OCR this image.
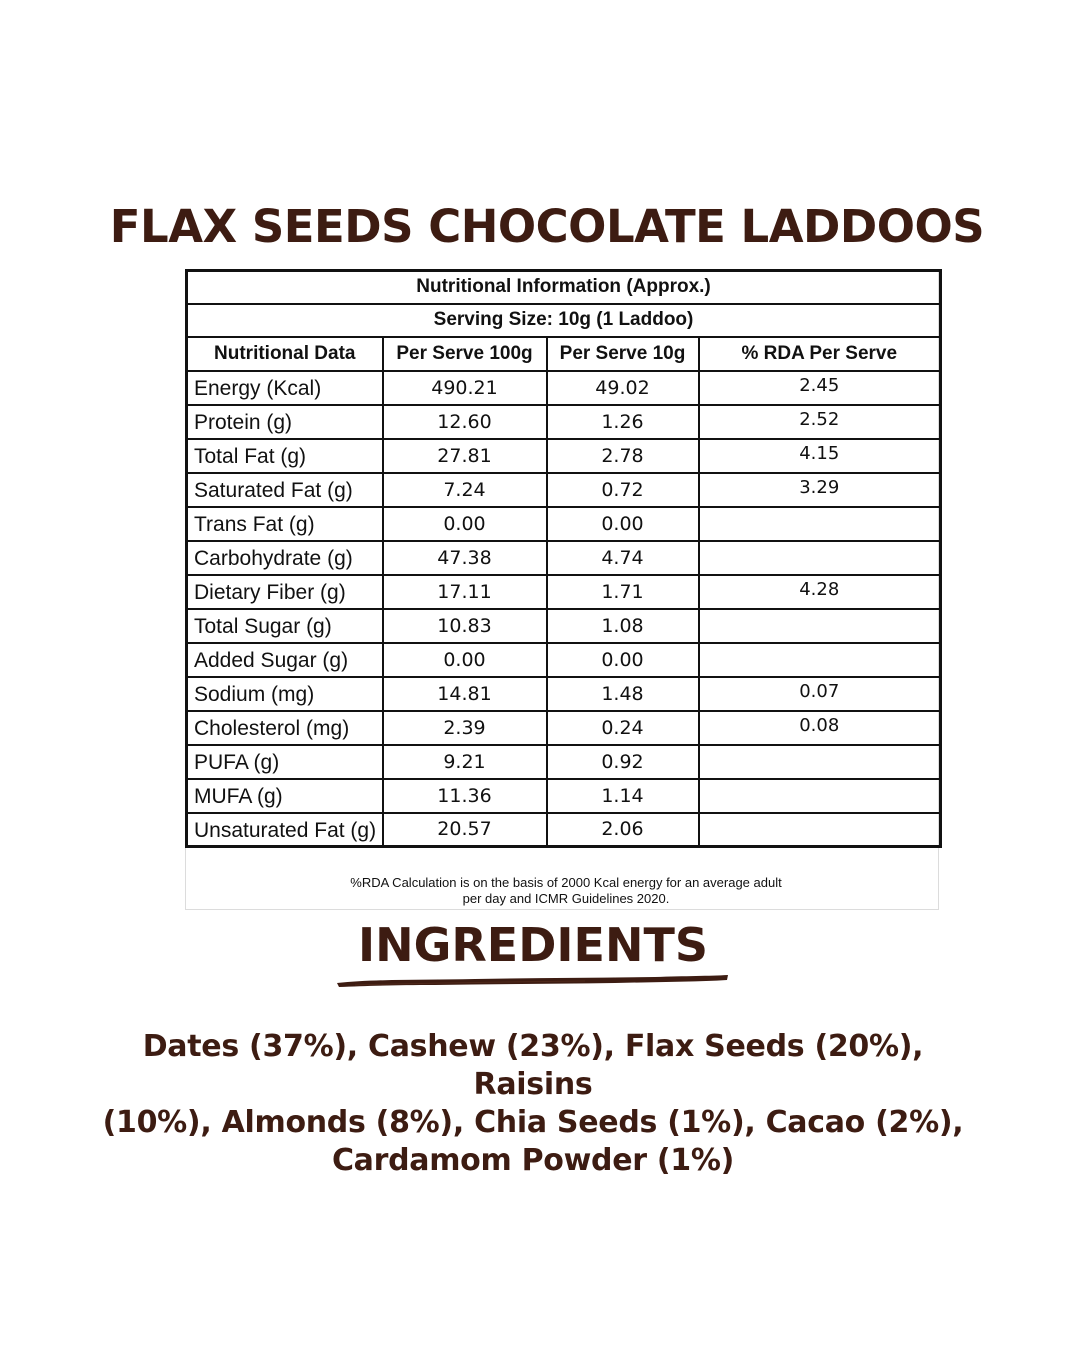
FLAX SEEDS CHOCOLATE LADDOOS
Nutritional Information (Approx.)			
Serving Size: 10g (1 Laddoo)			
Nutritional Data	Per Serve 100g	Per Serve 10g	% RDA Per Serve
Energy (Kcal)	490.21	49.02	2.45
Protein (g)	12.60	1.26	2.52
Total Fat (g)	27.81	2.78	4.15
Saturated Fat (g)	7.24	0.72	3.29
Trans Fat (g)	0.00	0.00	
Carbohydrate (g)	47.38	4.74	
Dietary Fiber (g)	17.11	1.71	4.28
Total Sugar (g)	10.83	1.08	
Added Sugar (g)	0.00	0.00	
Sodium (mg)	14.81	1.48	0.07
Cholesterol (mg)	2.39	0.24	0.08
PUFA (g)	9.21	0.92	
MUFA (g)	11.36	1.14	
Unsaturated Fat (g)	20.57	2.06	
%RDA Calculation is on the basis of 2000 Kcal energy for an average adult
per day and ICMR Guidelines 2020.
INGREDIENTS
Dates (37%), Cashew (23%), Flax Seeds (20%), Raisins
(10%), Almonds (8%), Chia Seeds (1%), Cacao (2%),
Cardamom Powder (1%)
